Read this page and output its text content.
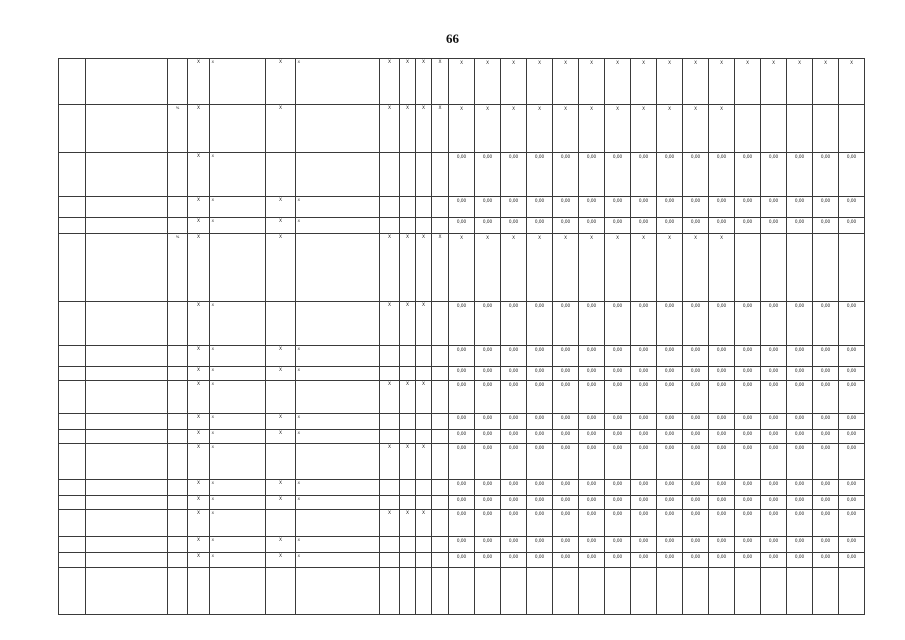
66
			X	X	X	X	X	X	X	X	X	X	X	X	X	X	X	X	X	X	X	X	X	X	X	X
		%	X		X		X	X	X	X	X	X	X	X	X	X	X	X	X	X	X					
			X	X							0,00	0,00	0,00	0,00	0,00	0,00	0,00	0,00	0,00	0,00	0,00	0,00	0,00	0,00	0,00	0,00
			X	X	X	X					0,00	0,00	0,00	0,00	0,00	0,00	0,00	0,00	0,00	0,00	0,00	0,00	0,00	0,00	0,00	0,00
			X	X	X	X					0,00	0,00	0,00	0,00	0,00	0,00	0,00	0,00	0,00	0,00	0,00	0,00	0,00	0,00	0,00	0,00
		%	X		X		X	X	X	X	X	X	X	X	X	X	X	X	X	X	X					
			X	X			X	X	X		0,00	0,00	0,00	0,00	0,00	0,00	0,00	0,00	0,00	0,00	0,00	0,00	0,00	0,00	0,00	0,00
			X	X	X	X					0,00	0,00	0,00	0,00	0,00	0,00	0,00	0,00	0,00	0,00	0,00	0,00	0,00	0,00	0,00	0,00
			X	X	X	X					0,00	0,00	0,00	0,00	0,00	0,00	0,00	0,00	0,00	0,00	0,00	0,00	0,00	0,00	0,00	0,00
			X	X			X	X	X		0,00	0,00	0,00	0,00	0,00	0,00	0,00	0,00	0,00	0,00	0,00	0,00	0,00	0,00	0,00	0,00
			X	X	X	X					0,00	0,00	0,00	0,00	0,00	0,00	0,00	0,00	0,00	0,00	0,00	0,00	0,00	0,00	0,00	0,00
			X	X	X	X					0,00	0,00	0,00	0,00	0,00	0,00	0,00	0,00	0,00	0,00	0,00	0,00	0,00	0,00	0,00	0,00
			X	X			X	X	X		0,00	0,00	0,00	0,00	0,00	0,00	0,00	0,00	0,00	0,00	0,00	0,00	0,00	0,00	0,00	0,00
			X	X	X	X					0,00	0,00	0,00	0,00	0,00	0,00	0,00	0,00	0,00	0,00	0,00	0,00	0,00	0,00	0,00	0,00
			X	X	X	X					0,00	0,00	0,00	0,00	0,00	0,00	0,00	0,00	0,00	0,00	0,00	0,00	0,00	0,00	0,00	0,00
			X	X			X	X	X		0,00	0,00	0,00	0,00	0,00	0,00	0,00	0,00	0,00	0,00	0,00	0,00	0,00	0,00	0,00	0,00
			X	X	X	X					0,00	0,00	0,00	0,00	0,00	0,00	0,00	0,00	0,00	0,00	0,00	0,00	0,00	0,00	0,00	0,00
			X	X	X	X					0,00	0,00	0,00	0,00	0,00	0,00	0,00	0,00	0,00	0,00	0,00	0,00	0,00	0,00	0,00	0,00
